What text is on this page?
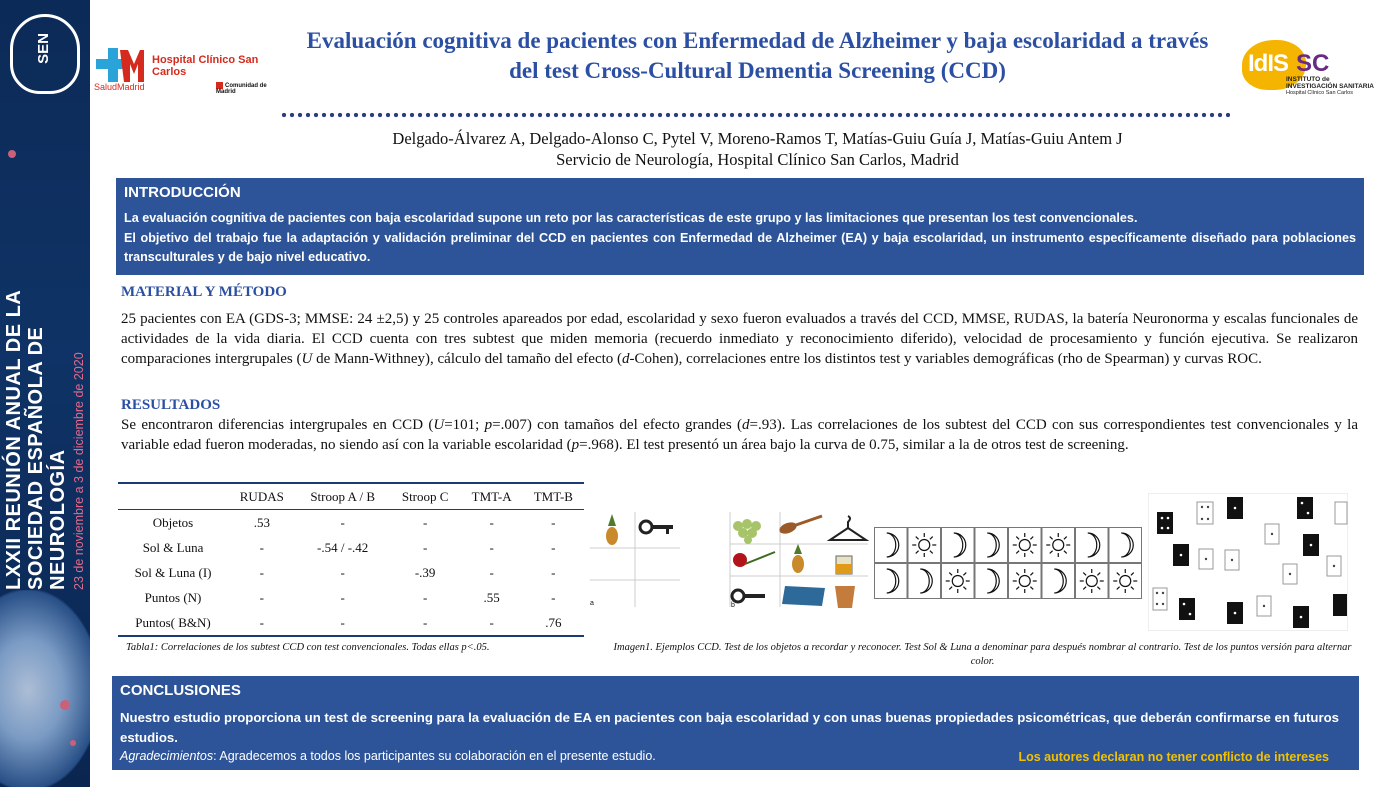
SEN
LXXII REUNIÓN ANUAL DE LA SOCIEDAD ESPAÑOLA DE NEUROLOGÍA 23 de noviembre a 3 de diciembre de 2020
Hospital Clínico San Carlos
SaludMadrid	Comunidad de Madrid
IdIS SC
INSTITUTO de INVESTIGACIÓN SANITARIA
Hospital Clínico San Carlos
Evaluación cognitiva de pacientes con Enfermedad de Alzheimer y baja escolaridad a través del test Cross-Cultural Dementia Screening (CCD)
Delgado-Álvarez A, Delgado-Alonso C, Pytel V, Moreno-Ramos T, Matías-Guiu Guía J, Matías-Guiu Antem J
Servicio de Neurología, Hospital Clínico San Carlos, Madrid
INTRODUCCIÓN

La evaluación cognitiva de pacientes con baja escolaridad supone un reto por las características de este grupo y las limitaciones que presentan los test convencionales.

El objetivo del trabajo fue la adaptación y validación preliminar del CCD en pacientes con Enfermedad de Alzheimer (EA) y baja escolaridad, un instrumento específicamente diseñado para poblaciones transculturales y de bajo nivel educativo.

MATERIAL Y MÉTODO
25 pacientes con EA (GDS-3; MMSE: 24 ±2,5) y 25 controles apareados por edad, escolaridad y sexo fueron evaluados a través del CCD, MMSE, RUDAS, la batería Neuronorma y escalas funcionales de actividades de la vida diaria. El CCD cuenta con tres subtest que miden memoria (recuerdo inmediato y reconocimiento diferido), velocidad de procesamiento y función ejecutiva. Se realizaron comparaciones intergrupales (U de Mann-Withney), cálculo del tamaño del efecto (d-Cohen), correlaciones entre los distintos test y variables demográficas (rho de Spearman) y curvas ROC.
RESULTADOS
Se encontraron diferencias intergrupales en CCD (U=101; p=.007) con tamaños del efecto grandes (d=.93). Las correlaciones de los subtest del CCD con sus correspondientes test convencionales y la variable edad fueron moderadas, no siendo así con la variable escolaridad (p=.968). El test presentó un área bajo la curva de 0.75, similar a la de otros test de screening.
	RUDAS	Stroop A / B	Stroop C	TMT-A	TMT-B
Objetos	.53	-	-	-	-
Sol & Luna	-	-.54 / -.42	-	-	-
Sol & Luna (I)	-	-	-.39	-	-
Puntos (N)	-	-	-	.55	-
Puntos( B&N)	-	-	-	-	.76
Tabla1: Correlaciones de los subtest CCD con test convencionales. Todas ellas p<.05.
a	b
Imagen1. Ejemplos CCD. Test de los objetos a recordar y reconocer. Test Sol & Luna a denominar para después nombrar al contrario. Test de los puntos versión para alternar color.
CONCLUSIONES

Nuestro estudio proporciona un test de screening para la evaluación de EA en pacientes con baja escolaridad y con unas buenas propiedades psicométricas, que deberán confirmarse en futuros estudios.

Agradecimientos: Agradecemos a todos los participantes su colaboración en el presente estudio.	Los autores declaran no tener conflicto de intereses
